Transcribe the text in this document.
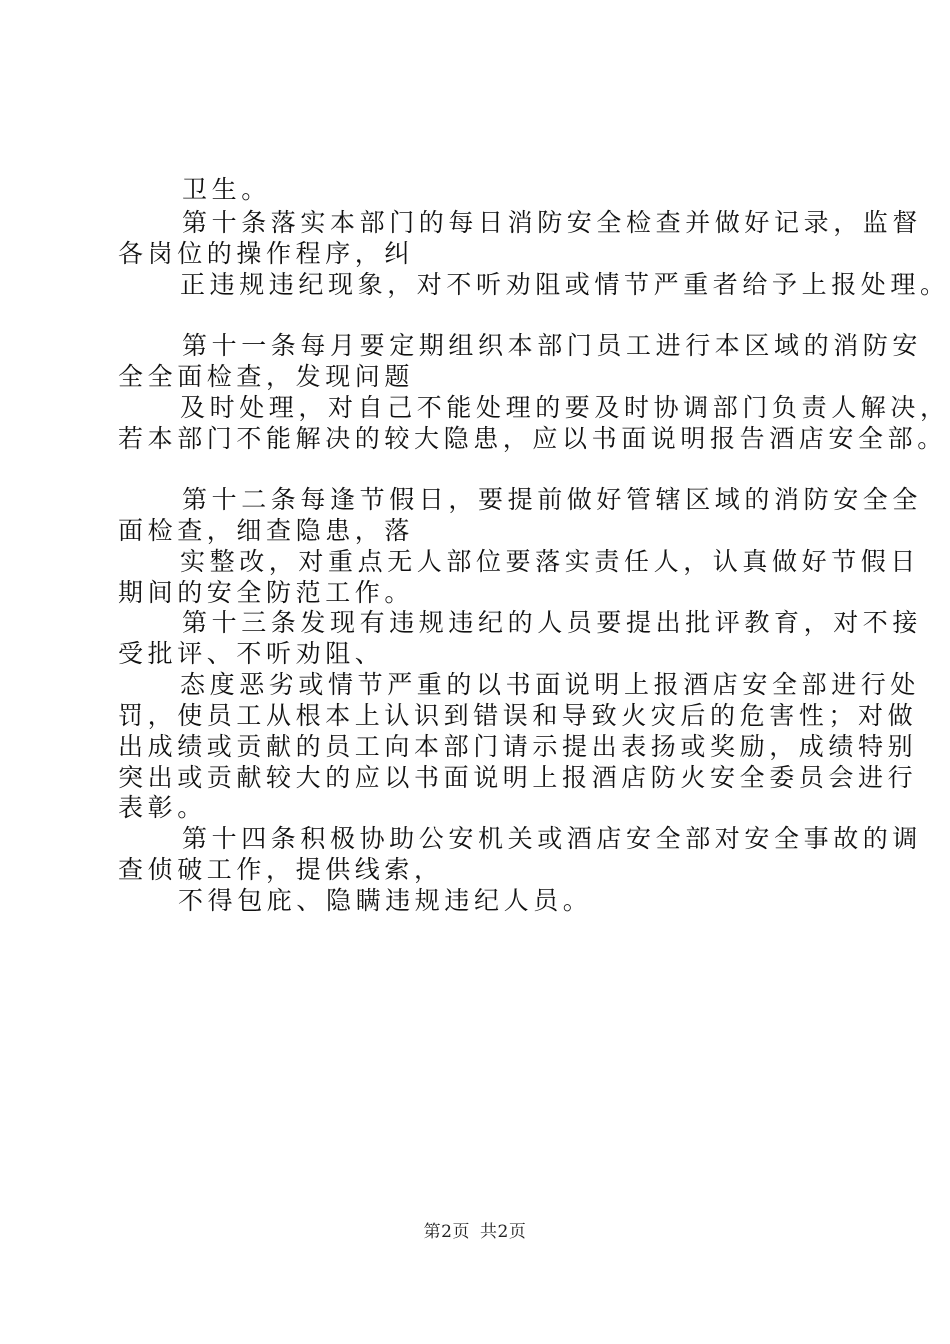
卫生。
第十条落实本部门的每日消防安全检查并做好记录，监督
各岗位的操作程序，纠
正违规违纪现象，对不听劝阻或情节严重者给予上报处理。
第十一条每月要定期组织本部门员工进行本区域的消防安
全全面检查，发现问题
及时处理，对自己不能处理的要及时协调部门负责人解决，
若本部门不能解决的较大隐患，应以书面说明报告酒店安全部。
第十二条每逢节假日，要提前做好管辖区域的消防安全全
面检查，细查隐患，落
实整改，对重点无人部位要落实责任人，认真做好节假日
期间的安全防范工作。
第十三条发现有违规违纪的人员要提出批评教育，对不接
受批评、不听劝阻、
态度恶劣或情节严重的以书面说明上报酒店安全部进行处
罚，使员工从根本上认识到错误和导致火灾后的危害性；对做
出成绩或贡献的员工向本部门请示提出表扬或奖励，成绩特别
突出或贡献较大的应以书面说明上报酒店防火安全委员会进行
表彰。
第十四条积极协助公安机关或酒店安全部对安全事故的调
查侦破工作，提供线索，
不得包庇、隐瞒违规违纪人员。
第2页 共2页
